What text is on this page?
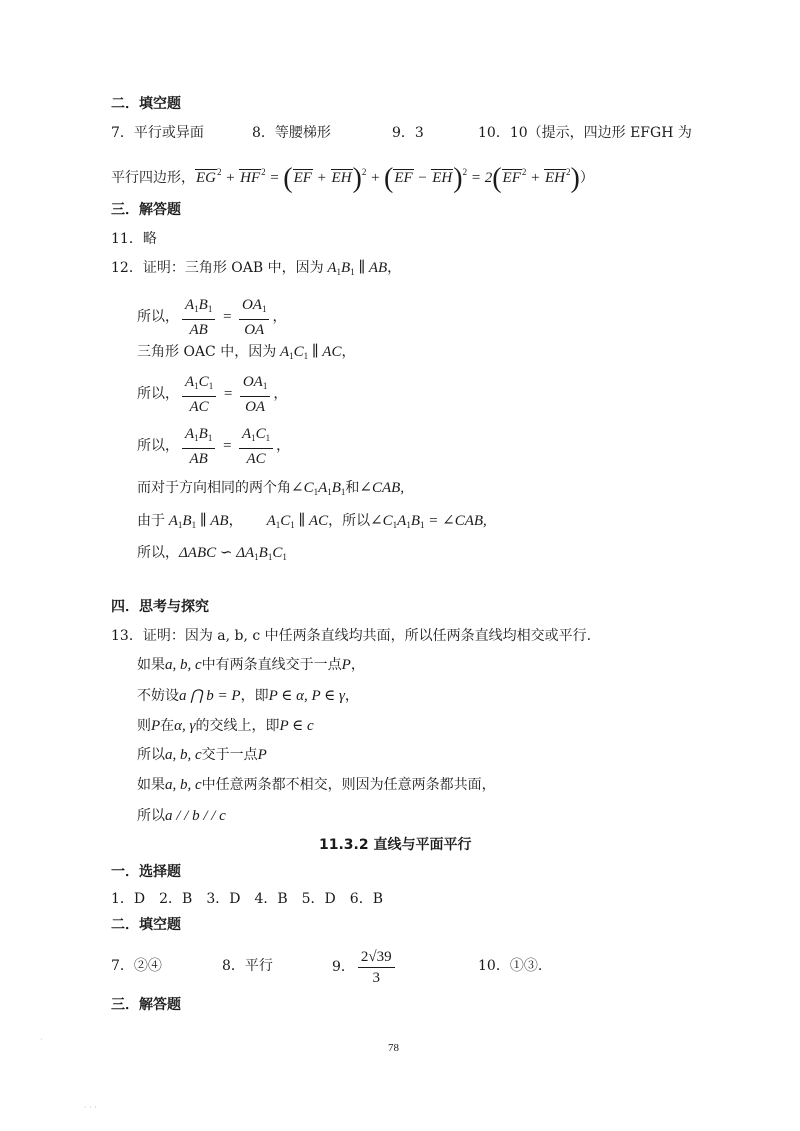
二．填空题
7．平行或异面	8．等腰梯形	9．3	10．10（提示，四边形 EFGH 为
平行四边形，$EG^2 + HF^2 = (EF + EH)^2 + (EF - EH)^2 = 2(EF^2 + EH^2)$）
三．解答题
11．略
12．证明：三角形 OAB 中，因为 $A_1B_1$ ∥ AB，
所以， $\frac{A_1B_1}{AB} = \frac{OA_1}{OA}$ ，
三角形 OAC 中，因为 $A_1C_1$ ∥ AC，
所以， $\frac{A_1C_1}{AC} = \frac{OA_1}{OA}$ ，
所以， $\frac{A_1B_1}{AB} = \frac{A_1C_1}{AC}$ ，
而对于方向相同的两个角$\angle C_1A_1B_1$和∠CAB,
由于 $A_1B_1$ ∥ AB， $A_1C_1$ ∥ AC，所以$\angle C_1A_1B_1$ = ∠CAB,
所以，ΔABC ∽ $\Delta A_1B_1C_1$
四．思考与探究
13．证明：因为 a, b, c 中任两条直线均共面，所以任两条直线均相交或平行.
如果a, b, c中有两条直线交于一点P，
不妨设a ⋂ b = P，即P ∈ α, P ∈ γ，
则P在α, γ的交线上，即P ∈ c
所以a, b, c交于一点P
如果a, b, c中任意两条都不相交，则因为任意两条都共面，
所以a / / b / / c
11.3.2 直线与平面平行
一．选择题
1．D　2．B　3．D　4．B　5．D　6．B
二．填空题
7．②④	8．平行	9． $\frac{2√39}{3}$	10．①③.
三．解答题
78
·
· · ·
